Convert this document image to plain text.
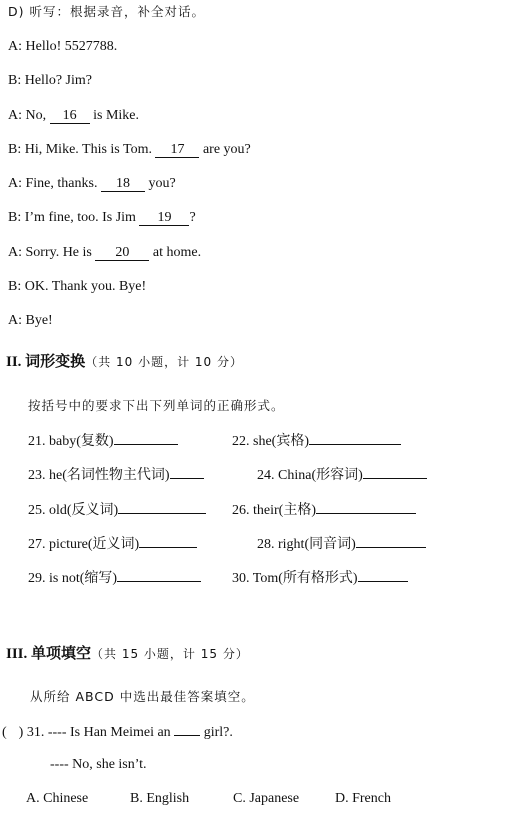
D) 听写：根据录音，补全对话。
A: Hello! 5527788.
B: Hello? Jim?
A: No, 16 is Mike.
B: Hi, Mike. This is Tom. 17 are you?
A: Fine, thanks. 18 you?
B: I’m fine, too. Is Jim 19 ?
A: Sorry. He is 20 at home.
B: OK. Thank you. Bye!
A: Bye!
II. 词形变换（共 10 小题，计 10 分）
按括号中的要求下出下列单词的正确形式。
21. baby(复数)	22. she(宾格)
23. he(名词性物主代词)	24. China(形容词)
25. old(反义词)	26. their(主格)
27. picture(近义词)	28. right(同音词)
29. is not(缩写)	30. Tom(所有格形式)
III. 单项填空（共 15 小题，计 15 分）
从所给 ABCD 中选出最佳答案填空。
( ) 31. ---- Is Han Meimei an  girl?.
---- No, she isn’t.
A. Chinese	B. English	C. Japanese	D. French
